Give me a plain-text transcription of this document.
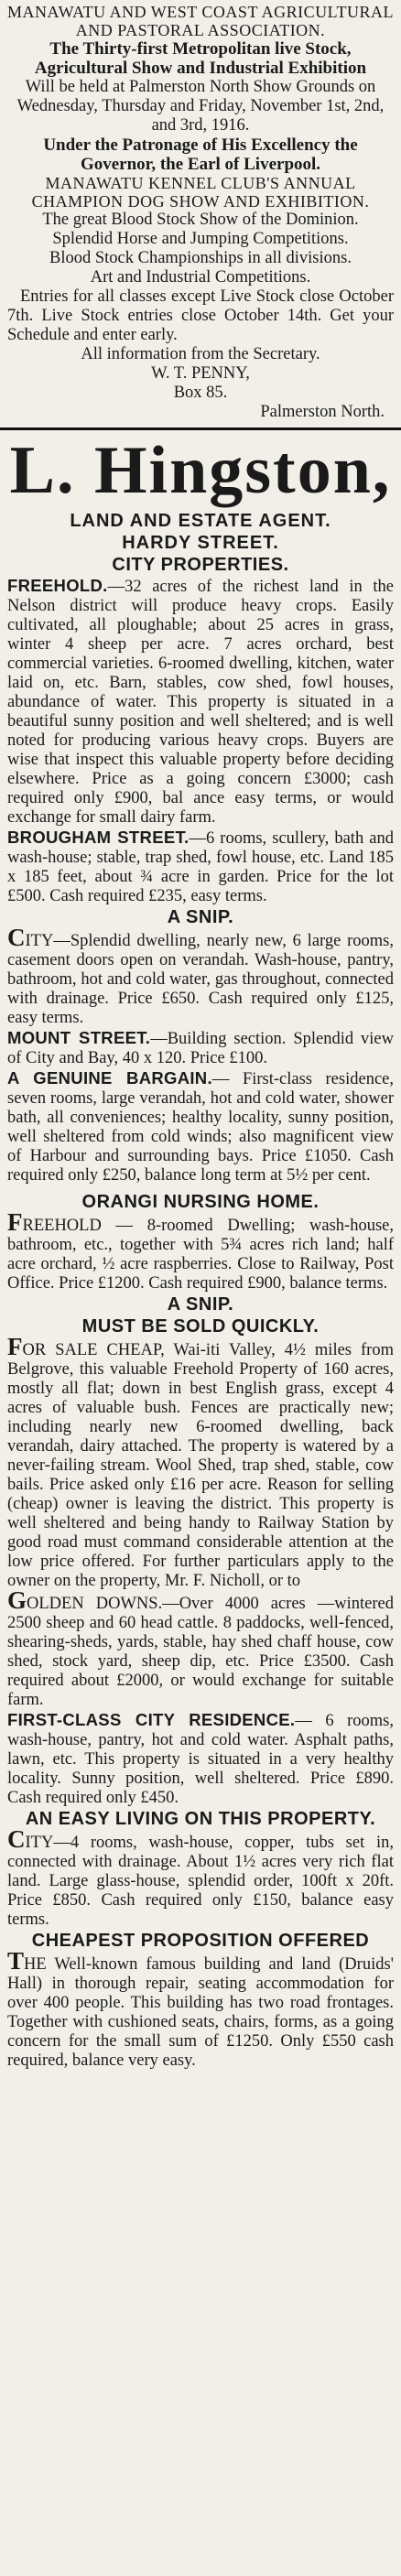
MANAWATU AND WEST COAST AGRICULTURAL AND PASTORAL ASSOCIATION.

The Thirty-first Metropolitan live Stock, Agricultural Show and Industrial Exhibition

Will be held at Palmerston North Show Grounds on Wednesday, Thursday and Friday, November 1st, 2nd, and 3rd, 1916.

Under the Patronage of His Excellency the Governor, the Earl of Liverpool.

MANAWATU KENNEL CLUB'S ANNUAL CHAMPION DOG SHOW AND EXHIBITION.

The great Blood Stock Show of the Dominion.

Splendid Horse and Jumping Competitions.

Blood Stock Championships in all divisions.

Art and Industrial Competitions.

Entries for all classes except Live Stock close October 7th. Live Stock entries close October 14th. Get your Schedule and enter early.

All information from the Secretary.

W. T. PENNY,

Box 85.

Palmerston North.

L. Hingston,

LAND AND ESTATE AGENT.

HARDY STREET.

CITY PROPERTIES.

FREEHOLD.—32 acres of the richest land in the Nelson district will produce heavy crops. Easily cultivated, all ploughable; about 25 acres in grass, winter 4 sheep per acre. 7 acres orchard, best commercial varieties. 6-roomed dwelling, kitchen, water laid on, etc. Barn, stables, cow shed, fowl houses, abundance of water. This property is situated in a beautiful sunny position and well sheltered; and is well noted for producing various heavy crops. Buyers are wise that inspect this valuable property before deciding elsewhere. Price as a going concern £3000; cash required only £900, bal ance easy terms, or would exchange for small dairy farm.

BROUGHAM STREET.—6 rooms, scullery, bath and wash-house; stable, trap shed, fowl house, etc. Land 185 x 185 feet, about ¾ acre in garden. Price for the lot £500. Cash required £235, easy terms.

A SNIP.

CITY—Splendid dwelling, nearly new, 6 large rooms, casement doors open on verandah. Wash-house, pantry, bathroom, hot and cold water, gas throughout, connected with drainage. Price £650. Cash required only £125, easy terms.

MOUNT STREET.—Building section. Splendid view of City and Bay, 40 x 120. Price £100.

A GENUINE BARGAIN.— First-class residence, seven rooms, large verandah, hot and cold water, shower bath, all conveniences; healthy locality, sunny position, well sheltered from cold winds; also magnificent view of Harbour and surrounding bays. Price £1050. Cash required only £250, balance long term at 5½ per cent.

ORANGI NURSING HOME.

FREEHOLD — 8-roomed Dwelling; wash-house, bathroom, etc., together with 5¾ acres rich land; half acre orchard, ½ acre raspberries. Close to Railway, Post Office. Price £1200. Cash required £900, balance terms.

A SNIP.

MUST BE SOLD QUICKLY.

FOR SALE CHEAP, Wai-iti Valley, 4½ miles from Belgrove, this valuable Freehold Property of 160 acres, mostly all flat; down in best English grass, except 4 acres of valuable bush. Fences are practically new; including nearly new 6-roomed dwelling, back verandah, dairy attached. The property is watered by a never-failing stream. Wool Shed, trap shed, stable, cow bails. Price asked only £16 per acre. Reason for selling (cheap) owner is leaving the district. This property is well sheltered and being handy to Railway Station by good road must command considerable attention at the low price offered. For further particulars apply to the owner on the property, Mr. F. Nicholl, or to

GOLDEN DOWNS.—Over 4000 acres —wintered 2500 sheep and 60 head cattle. 8 paddocks, well-fenced, shearing-sheds, yards, stable, hay shed chaff house, cow shed, stock yard, sheep dip, etc. Price £3500. Cash required about £2000, or would exchange for suitable farm.

FIRST-CLASS CITY RESIDENCE.— 6 rooms, wash-house, pantry, hot and cold water. Asphalt paths, lawn, etc. This property is situated in a very healthy locality. Sunny position, well sheltered. Price £890. Cash required only £450.

AN EASY LIVING ON THIS PROPERTY.

CITY—4 rooms, wash-house, copper, tubs set in, connected with drainage. About 1½ acres very rich flat land. Large glass-house, splendid order, 100ft x 20ft. Price £850. Cash required only £150, balance easy terms.

CHEAPEST PROPOSITION OFFERED

THE Well-known famous building and land (Druids' Hall) in thorough repair, seating accommodation for over 400 people. This building has two road frontages. Together with cushioned seats, chairs, forms, as a going concern for the small sum of £1250. Only £550 cash required, balance very easy.
